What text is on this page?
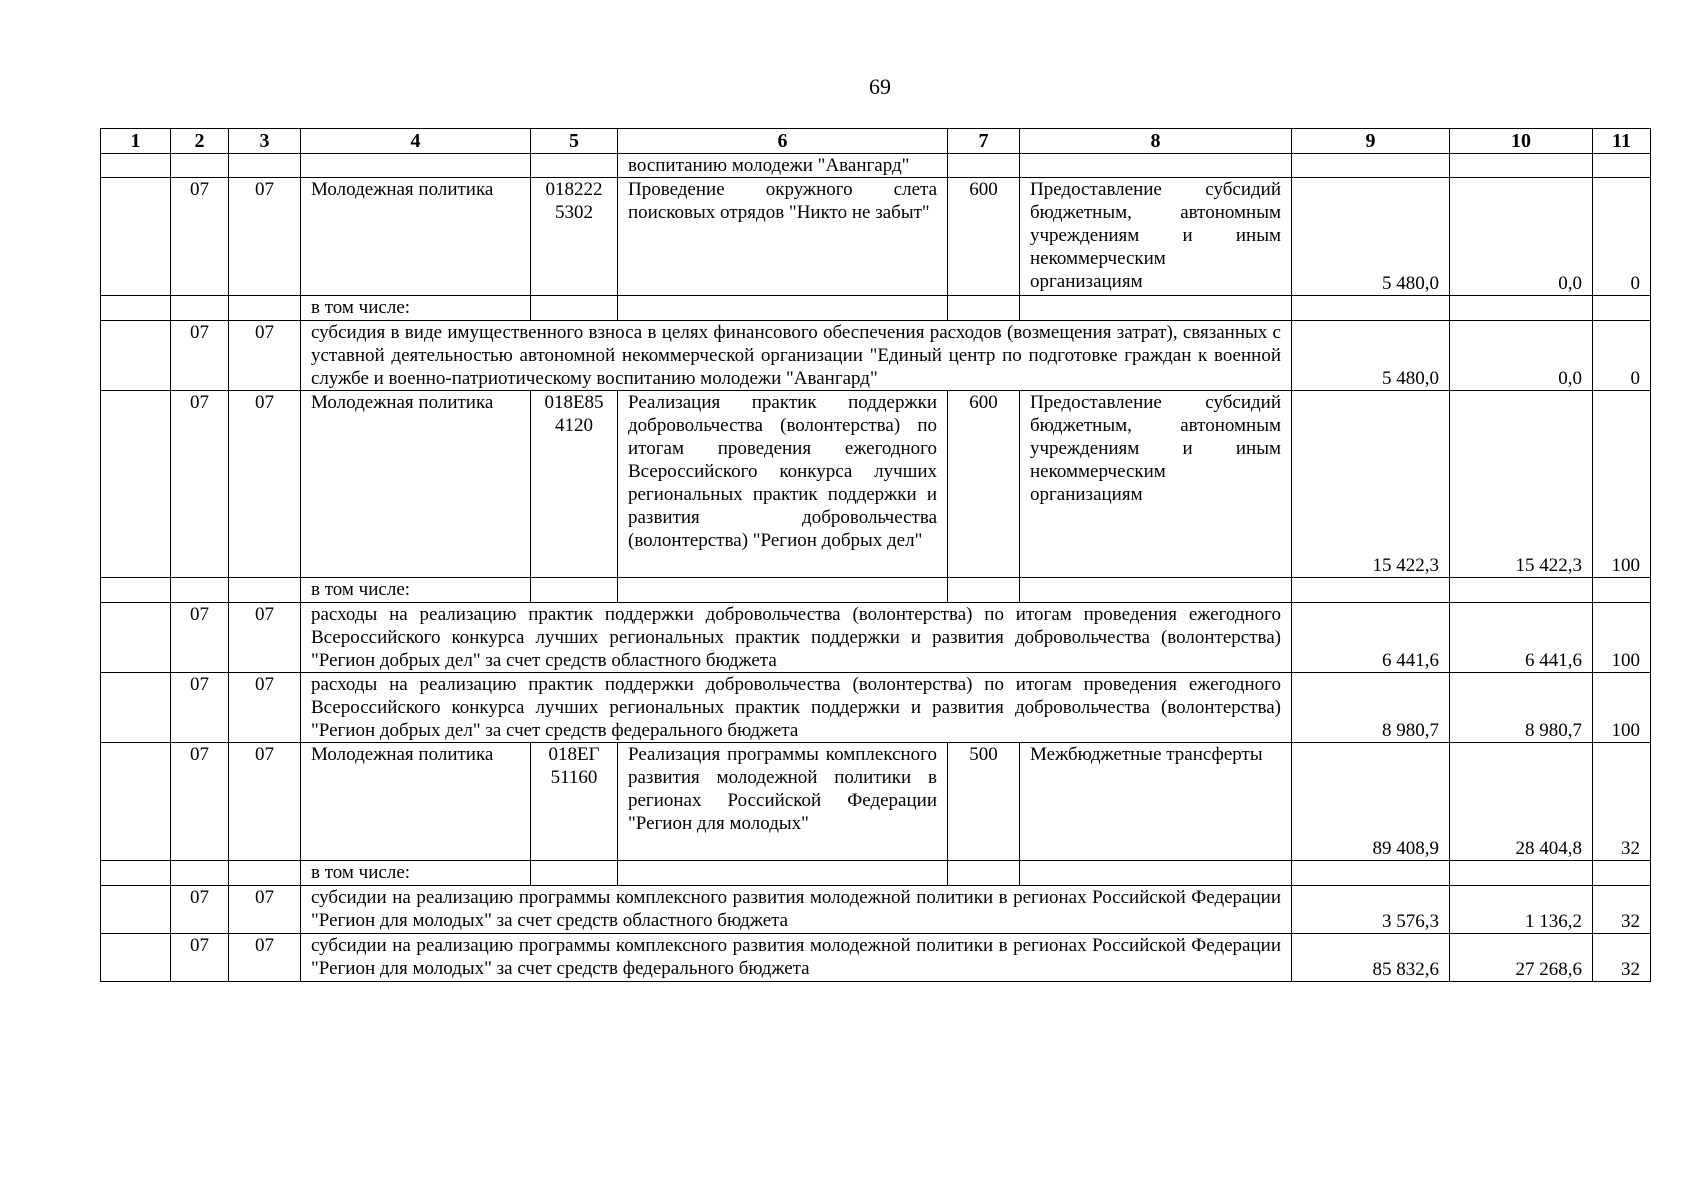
69
1	2	3	4	5	6	7	8	9	10	11
					воспитанию молодежи "Авангард"					
	07	07	Молодежная политика	018222 5302	Проведение окружного слета поисковых отрядов "Никто не забыт"	600	Предоставление субсидий бюджетным, автономным учреждениям и иным некоммерческим организациям	5 480,0	0,0	0
			в том числе:							
	07	07	субсидия в виде имущественного взноса в целях финансового обеспечения расходов (возмещения затрат), связанных с уставной деятельностью автономной некоммерческой организации "Единый центр по подготовке граждан к военной службе и военно-патриотическому воспитанию молодежи "Авангард"					5 480,0	0,0	0
	07	07	Молодежная политика	018Е85 4120	Реализация практик поддержки добровольчества (волонтерства) по итогам проведения ежегодного Всероссийского конкурса лучших региональных практик поддержки и развития добровольчества (волонтерства) "Регион добрых дел"	600	Предоставление субсидий бюджетным, автономным учреждениям и иным некоммерческим организациям	15 422,3	15 422,3	100
			в том числе:							
	07	07	расходы на реализацию практик поддержки добровольчества (волонтерства) по итогам проведения ежегодного Всероссийского конкурса лучших региональных практик поддержки и развития добровольчества (волонтерства) "Регион добрых дел" за счет средств областного бюджета					6 441,6	6 441,6	100
	07	07	расходы на реализацию практик поддержки добровольчества (волонтерства) по итогам проведения ежегодного Всероссийского конкурса лучших региональных практик поддержки и развития добровольчества (волонтерства) "Регион добрых дел" за счет средств федерального бюджета					8 980,7	8 980,7	100
	07	07	Молодежная политика	018ЕГ 51160	Реализация программы комплексного развития молодежной политики в регионах Российской Федерации "Регион для молодых"	500	Межбюджетные трансферты	89 408,9	28 404,8	32
			в том числе:							
	07	07	субсидии на реализацию программы комплексного развития молодежной политики в регионах Российской Федерации "Регион для молодых" за счет средств областного бюджета					3 576,3	1 136,2	32
	07	07	субсидии на реализацию программы комплексного развития молодежной политики в регионах Российской Федерации "Регион для молодых" за счет средств федерального бюджета					85 832,6	27 268,6	32
